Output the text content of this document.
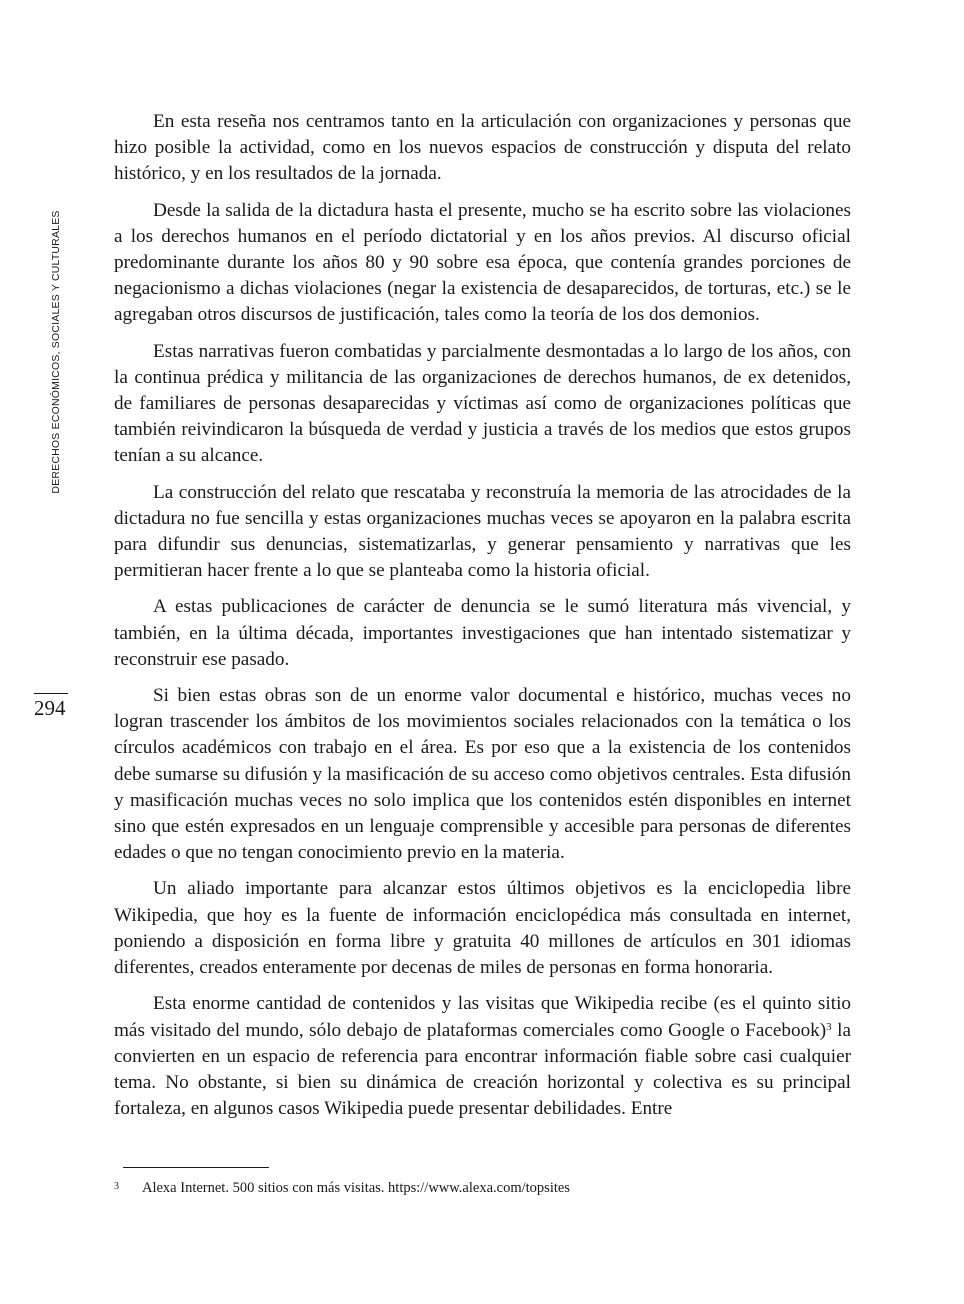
DERECHOS ECONÓMICOS, SOCIALES Y CULTURALES
294

En esta reseña nos centramos tanto en la articulación con organizaciones y personas que hizo posible la actividad, como en los nuevos espacios de construcción y disputa del relato histórico, y en los resultados de la jornada.

Desde la salida de la dictadura hasta el presente, mucho se ha escrito sobre las violaciones a los derechos humanos en el período dictatorial y en los años previos. Al discurso oficial predominante durante los años 80 y 90 sobre esa época, que contenía grandes porciones de negacionismo a dichas violaciones (negar la existencia de desaparecidos, de torturas, etc.) se le agregaban otros discursos de justificación, tales como la teoría de los dos demonios.

Estas narrativas fueron combatidas y parcialmente desmontadas a lo largo de los años, con la continua prédica y militancia de las organizaciones de derechos humanos, de ex detenidos, de familiares de personas desaparecidas y víctimas así como de organizaciones políticas que también reivindicaron la búsqueda de verdad y justicia a través de los medios que estos grupos tenían a su alcance.

La construcción del relato que rescataba y reconstruía la memoria de las atrocidades de la dictadura no fue sencilla y estas organizaciones muchas veces se apoyaron en la palabra escrita para difundir sus denuncias, sistematizarlas, y generar pensamiento y narrativas que les permitieran hacer frente a lo que se planteaba como la historia oficial.

A estas publicaciones de carácter de denuncia se le sumó literatura más vivencial, y también, en la última década, importantes investigaciones que han intentado sistematizar y reconstruir ese pasado.

Si bien estas obras son de un enorme valor documental e histórico, muchas veces no logran trascender los ámbitos de los movimientos sociales relacionados con la temática o los círculos académicos con trabajo en el área. Es por eso que a la existencia de los contenidos debe sumarse su difusión y la masificación de su acceso como objetivos centrales. Esta difusión y masificación muchas veces no solo implica que los contenidos estén disponibles en internet sino que estén expresados en un lenguaje comprensible y accesible para personas de diferentes edades o que no tengan conocimiento previo en la materia.

Un aliado importante para alcanzar estos últimos objetivos es la enciclopedia libre Wikipedia, que hoy es la fuente de información enciclopédica más consultada en internet, poniendo a disposición en forma libre y gratuita 40 millones de artículos en 301 idiomas diferentes, creados enteramente por decenas de miles de personas en forma honoraria.

Esta enorme cantidad de contenidos y las visitas que Wikipedia recibe (es el quinto sitio más visitado del mundo, sólo debajo de plataformas comerciales como Google o Facebook)$^3$ la convierten en un espacio de referencia para encontrar información fiable sobre casi cualquier tema. No obstante, si bien su dinámica de creación horizontal y colectiva es su principal fortaleza, en algunos casos Wikipedia puede presentar debilidades. Entre

3 Alexa Internet. 500 sitios con más visitas. https://www.alexa.com/topsites
